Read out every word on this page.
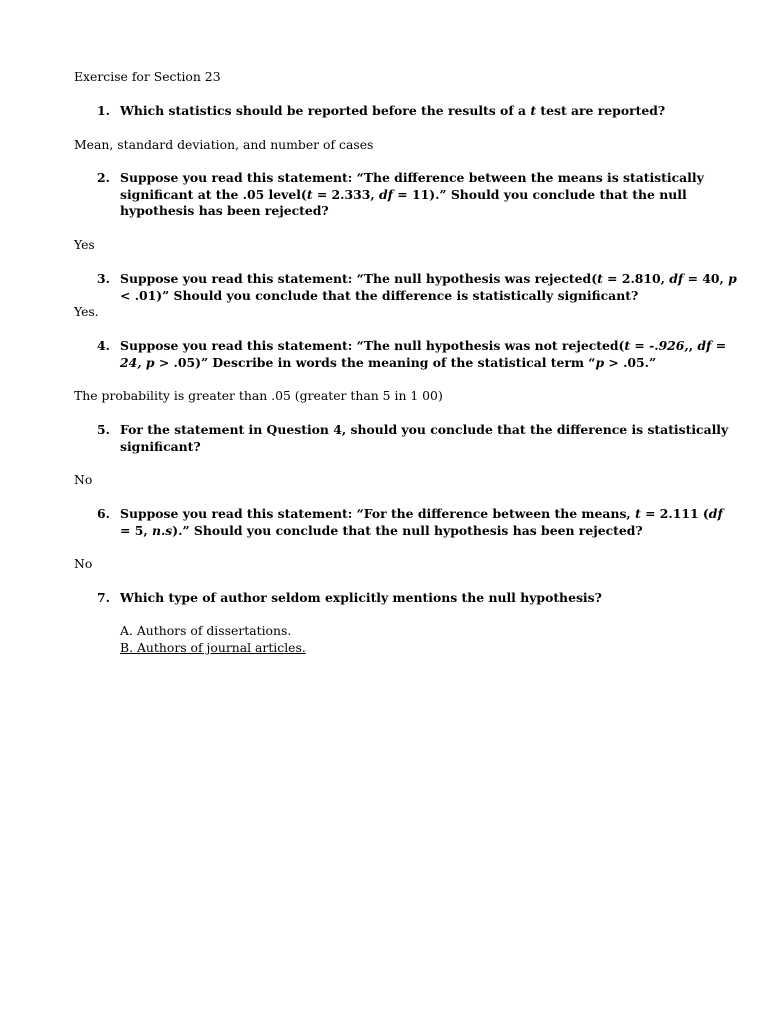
Exercise for Section 23
1. Which statistics should be reported before the results of a t test are reported?
Mean, standard deviation, and number of cases
2. Suppose you read this statement: “The difference between the means is statistically
significant at the .05 level(t = 2.333, df = 11).” Should you conclude that the null
hypothesis has been rejected?
Yes
3. Suppose you read this statement: “The null hypothesis was rejected(t = 2.810, df = 40, p
< .01)” Should you conclude that the difference is statistically significant?
Yes.
4. Suppose you read this statement: “The null hypothesis was not rejected(t = -.926,, df =
24, p > .05)” Describe in words the meaning of the statistical term “p > .05.”
The probability is greater than .05 (greater than 5 in 1 00)
5. For the statement in Question 4, should you conclude that the difference is statistically
significant?
No
6. Suppose you read this statement: “For the difference between the means, t = 2.111 (df
= 5, n.s).” Should you conclude that the null hypothesis has been rejected?
No
7. Which type of author seldom explicitly mentions the null hypothesis?
A. Authors of dissertations.
B. Authors of journal articles.
